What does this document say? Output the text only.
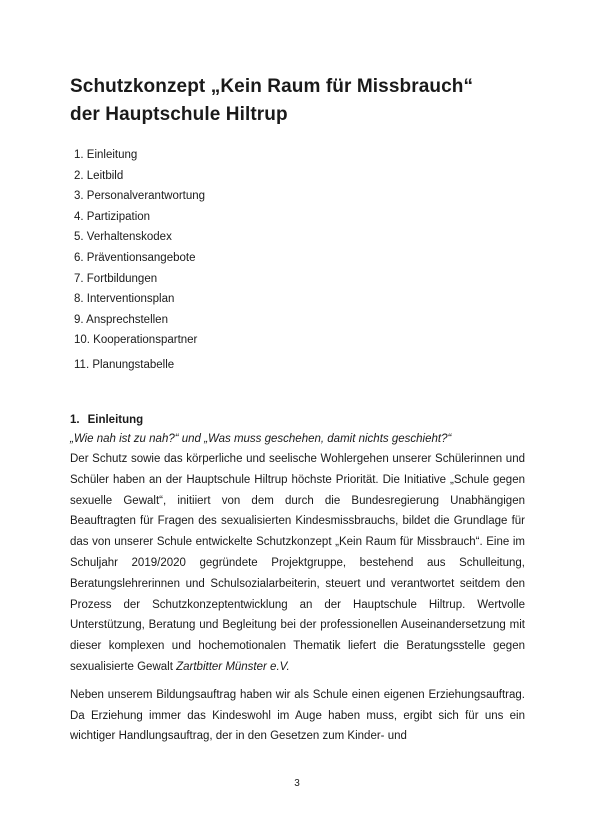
Schutzkonzept „Kein Raum für Missbrauch“
der Hauptschule Hiltrup
1. Einleitung
2. Leitbild
3. Personalverantwortung
4. Partizipation
5. Verhaltenskodex
6. Präventionsangebote
7. Fortbildungen
8. Interventionsplan
9. Ansprechstellen
10. Kooperationspartner
11. Planungstabelle
1. Einleitung

„Wie nah ist zu nah?“ und „Was muss geschehen, damit nichts geschieht?“

Der Schutz sowie das körperliche und seelische Wohlergehen unserer Schülerinnen und Schüler haben an der Hauptschule Hiltrup höchste Priorität. Die Initiative „Schule gegen sexuelle Gewalt“, initiiert von dem durch die Bundesregierung Unabhängigen Beauftragten für Fragen des sexualisierten Kindesmissbrauchs, bildet die Grundlage für das von unserer Schule entwickelte Schutzkonzept „Kein Raum für Missbrauch“. Eine im Schuljahr 2019/2020 gegründete Projektgruppe, bestehend aus Schulleitung, Beratungslehrerinnen und Schulsozialarbeiterin, steuert und verantwortet seitdem den Prozess der Schutzkonzeptentwicklung an der Hauptschule Hiltrup. Wertvolle Unterstützung, Beratung und Begleitung bei der professionellen Auseinandersetzung mit dieser komplexen und hochemotionalen Thematik liefert die Beratungsstelle gegen sexualisierte Gewalt Zartbitter Münster e.V.

Neben unserem Bildungsauftrag haben wir als Schule einen eigenen Erziehungsauftrag. Da Erziehung immer das Kindeswohl im Auge haben muss, ergibt sich für uns ein wichtiger Handlungsauftrag, der in den Gesetzen zum Kinder- und

3
